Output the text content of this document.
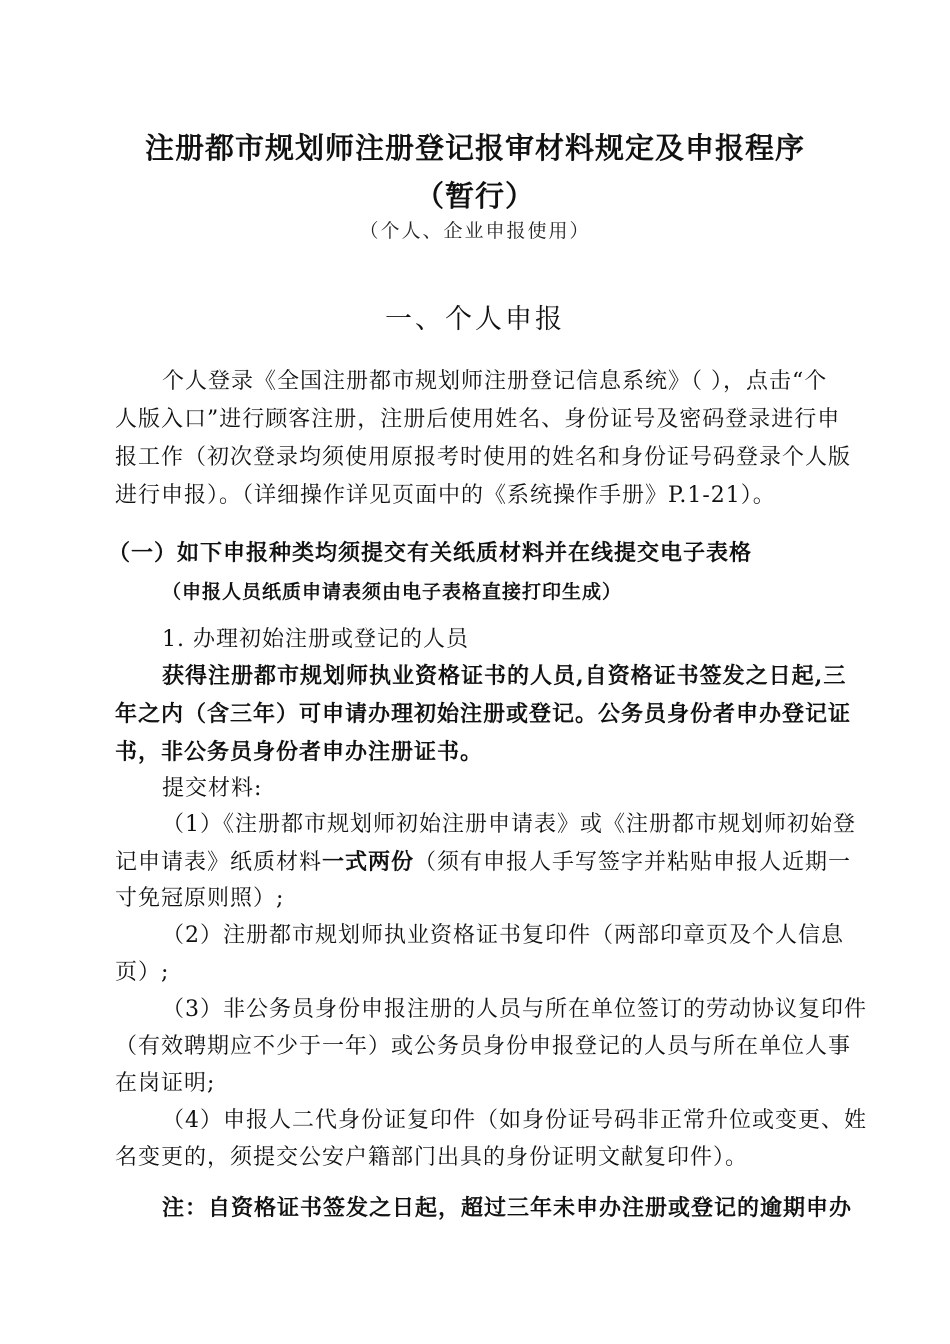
注册都市规划师注册登记报审材料规定及申报程序
（暂行）
（个人、企业申报使用）
一、个人申报
个人登录《全国注册都市规划师注册登记信息系统》（ ），点击“个
人版入口”进行顾客注册，注册后使用姓名、身份证号及密码登录进行申
报工作（初次登录均须使用原报考时使用的姓名和身份证号码登录个人版
进行申报）。（详细操作详见页面中的《系统操作手册》P.1-21）。
（一）如下申报种类均须提交有关纸质材料并在线提交电子表格
（申报人员纸质申请表须由电子表格直接打印生成）
1. 办理初始注册或登记的人员
获得注册都市规划师执业资格证书的人员,自资格证书签发之日起,三
年之内（含三年）可申请办理初始注册或登记。公务员身份者申办登记证
书，非公务员身份者申办注册证书。
提交材料:
（1）《注册都市规划师初始注册申请表》或《注册都市规划师初始登
记申请表》纸质材料一式两份（须有申报人手写签字并粘贴申报人近期一
寸免冠原则照）;
（2）注册都市规划师执业资格证书复印件（两部印章页及个人信息
页）;
（3）非公务员身份申报注册的人员与所在单位签订的劳动协议复印件
（有效聘期应不少于一年）或公务员身份申报登记的人员与所在单位人事
在岗证明;
（4）申报人二代身份证复印件（如身份证号码非正常升位或变更、姓
名变更的，须提交公安户籍部门出具的身份证明文献复印件）。
注：自资格证书签发之日起，超过三年未申办注册或登记的逾期申办
